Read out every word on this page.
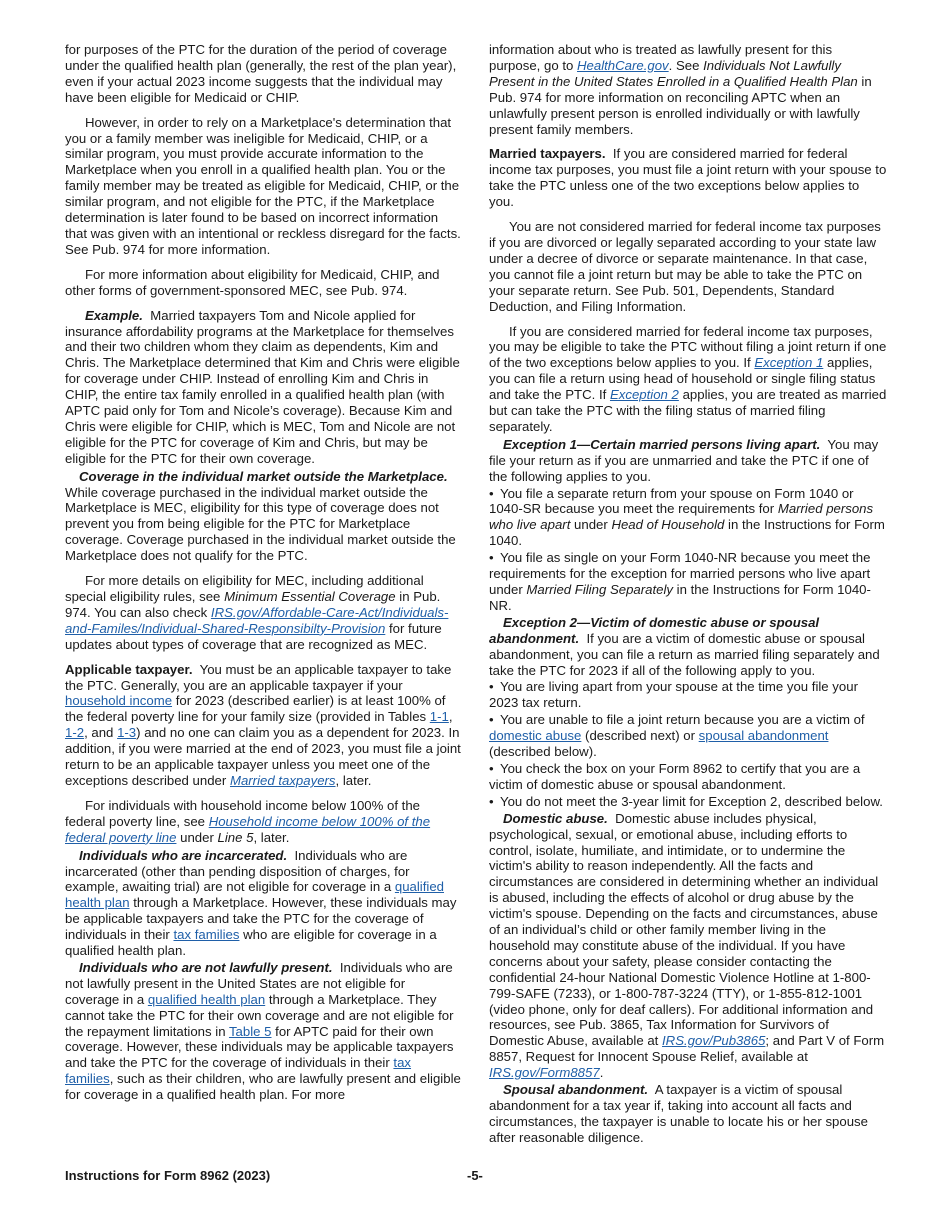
for purposes of the PTC for the duration of the period of coverage under the qualified health plan (generally, the rest of the plan year), even if your actual 2023 income suggests that the individual may have been eligible for Medicaid or CHIP.

However, in order to rely on a Marketplace's determination that you or a family member was ineligible for Medicaid, CHIP, or a similar program, you must provide accurate information to the Marketplace when you enroll in a qualified health plan. You or the family member may be treated as eligible for Medicaid, CHIP, or the similar program, and not eligible for the PTC, if the Marketplace determination is later found to be based on incorrect information that was given with an intentional or reckless disregard for the facts. See Pub. 974 for more information.

For more information about eligibility for Medicaid, CHIP, and other forms of government-sponsored MEC, see Pub. 974.

Example. Married taxpayers Tom and Nicole applied for insurance affordability programs at the Marketplace for themselves and their two children whom they claim as dependents, Kim and Chris. The Marketplace determined that Kim and Chris were eligible for coverage under CHIP. Instead of enrolling Kim and Chris in CHIP, the entire tax family enrolled in a qualified health plan (with APTC paid only for Tom and Nicole’s coverage). Because Kim and Chris were eligible for CHIP, which is MEC, Tom and Nicole are not eligible for the PTC for coverage of Kim and Chris, but may be eligible for the PTC for their own coverage.

Coverage in the individual market outside the Marketplace.  While coverage purchased in the individual market outside the Marketplace is MEC, eligibility for this type of coverage does not prevent you from being eligible for the PTC for Marketplace coverage. Coverage purchased in the individual market outside the Marketplace does not qualify for the PTC.

For more details on eligibility for MEC, including additional special eligibility rules, see Minimum Essential Coverage in Pub. 974. You can also check IRS.gov/Affordable-Care-Act/Individuals-and-Familes/Individual-Shared-Responsibilty-Provision for future updates about types of coverage that are recognized as MEC.

Applicable taxpayer. You must be an applicable taxpayer to take the PTC. Generally, you are an applicable taxpayer if your household income for 2023 (described earlier) is at least 100% of the federal poverty line for your family size (provided in Tables 1-1, 1-2, and 1-3) and no one can claim you as a dependent for 2023. In addition, if you were married at the end of 2023, you must file a joint return to be an applicable taxpayer unless you meet one of the exceptions described under Married taxpayers, later.

For individuals with household income below 100% of the federal poverty line, see Household income below 100% of the federal poverty line under Line 5, later.

Individuals who are incarcerated. Individuals who are incarcerated (other than pending disposition of charges, for example, awaiting trial) are not eligible for coverage in a qualified health plan through a Marketplace. However, these individuals may be applicable taxpayers and take the PTC for the coverage of individuals in their tax families who are eligible for coverage in a qualified health plan.

Individuals who are not lawfully present. Individuals who are not lawfully present in the United States are not eligible for coverage in a qualified health plan through a Marketplace. They cannot take the PTC for their own coverage and are not eligible for the repayment limitations in Table 5 for APTC paid for their own coverage. However, these individuals may be applicable taxpayers and take the PTC for the coverage of individuals in their tax families, such as their children, who are lawfully present and eligible for coverage in a qualified health plan. For more

information about who is treated as lawfully present for this purpose, go to HealthCare.gov. See Individuals Not Lawfully Present in the United States Enrolled in a Qualified Health Plan in Pub. 974 for more information on reconciling APTC when an unlawfully present person is enrolled individually or with lawfully present family members.

Married taxpayers. If you are considered married for federal income tax purposes, you must file a joint return with your spouse to take the PTC unless one of the two exceptions below applies to you.

You are not considered married for federal income tax purposes if you are divorced or legally separated according to your state law under a decree of divorce or separate maintenance. In that case, you cannot file a joint return but may be able to take the PTC on your separate return. See Pub. 501, Dependents, Standard Deduction, and Filing Information.

If you are considered married for federal income tax purposes, you may be eligible to take the PTC without filing a joint return if one of the two exceptions below applies to you. If Exception 1 applies, you can file a return using head of household or single filing status and take the PTC. If Exception 2 applies, you are treated as married but can take the PTC with the filing status of married filing separately.

Exception 1—Certain married persons living apart. You may file your return as if you are unmarried and take the PTC if one of the following applies to you.

• You file a separate return from your spouse on Form 1040 or 1040-SR because you meet the requirements for Married persons who live apart under Head of Household in the Instructions for Form 1040.

• You file as single on your Form 1040-NR because you meet the requirements for the exception for married persons who live apart under Married Filing Separately in the Instructions for Form 1040-NR.

Exception 2—Victim of domestic abuse or spousal abandonment. If you are a victim of domestic abuse or spousal abandonment, you can file a return as married filing separately and take the PTC for 2023 if all of the following apply to you.

• You are living apart from your spouse at the time you file your 2023 tax return.

• You are unable to file a joint return because you are a victim of domestic abuse (described next) or spousal abandonment (described below).

• You check the box on your Form 8962 to certify that you are a victim of domestic abuse or spousal abandonment.

• You do not meet the 3-year limit for Exception 2, described below.

Domestic abuse. Domestic abuse includes physical, psychological, sexual, or emotional abuse, including efforts to control, isolate, humiliate, and intimidate, or to undermine the victim's ability to reason independently. All the facts and circumstances are considered in determining whether an individual is abused, including the effects of alcohol or drug abuse by the victim's spouse. Depending on the facts and circumstances, abuse of an individual’s child or other family member living in the household may constitute abuse of the individual. If you have concerns about your safety, please consider contacting the confidential 24-hour National Domestic Violence Hotline at 1-800-799-SAFE (7233), or 1-800-787-3224 (TTY), or 1-855-812-1001 (video phone, only for deaf callers). For additional information and resources, see Pub. 3865, Tax Information for Survivors of Domestic Abuse, available at IRS.gov/Pub3865; and Part V of Form 8857, Request for Innocent Spouse Relief, available at IRS.gov/Form8857.

Spousal abandonment. A taxpayer is a victim of spousal abandonment for a tax year if, taking into account all facts and circumstances, the taxpayer is unable to locate his or her spouse after reasonable diligence.

Instructions for Form 8962 (2023)	-5-
